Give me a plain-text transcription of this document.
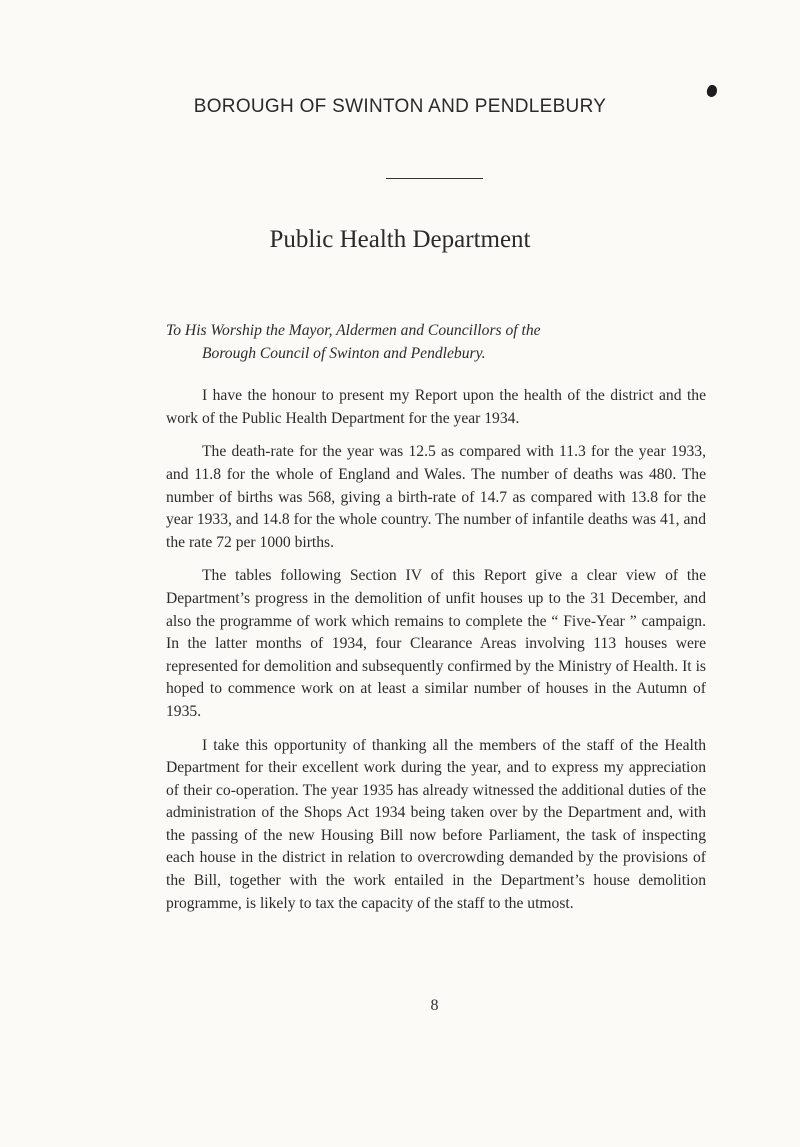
BOROUGH OF SWINTON AND PENDLEBURY
Public Health Department

To His Worship the Mayor, Aldermen and Councillors of the
Borough Council of Swinton and Pendlebury.

I have the honour to present my Report upon the health of the district and the work of the Public Health Department for the year 1934.

The death-rate for the year was 12.5 as compared with 11.3 for the year 1933, and 11.8 for the whole of England and Wales. The number of deaths was 480. The number of births was 568, giving a birth-rate of 14.7 as compared with 13.8 for the year 1933, and 14.8 for the whole country. The number of infantile deaths was 41, and the rate 72 per 1000 births.

The tables following Section IV of this Report give a clear view of the Department’s progress in the demolition of unfit houses up to the 31 December, and also the programme of work which remains to complete the “ Five-Year ” campaign. In the latter months of 1934, four Clearance Areas involving 113 houses were represented for demolition and subsequently confirmed by the Ministry of Health. It is hoped to commence work on at least a similar number of houses in the Autumn of 1935.

I take this opportunity of thanking all the members of the staff of the Health Department for their excellent work during the year, and to express my appreciation of their co-operation. The year 1935 has already witnessed the additional duties of the administration of the Shops Act 1934 being taken over by the Department and, with the passing of the new Housing Bill now before Parliament, the task of inspecting each house in the district in relation to overcrowding demanded by the provisions of the Bill, together with the work entailed in the Department’s house demolition programme, is likely to tax the capacity of the staff to the utmost.

8
